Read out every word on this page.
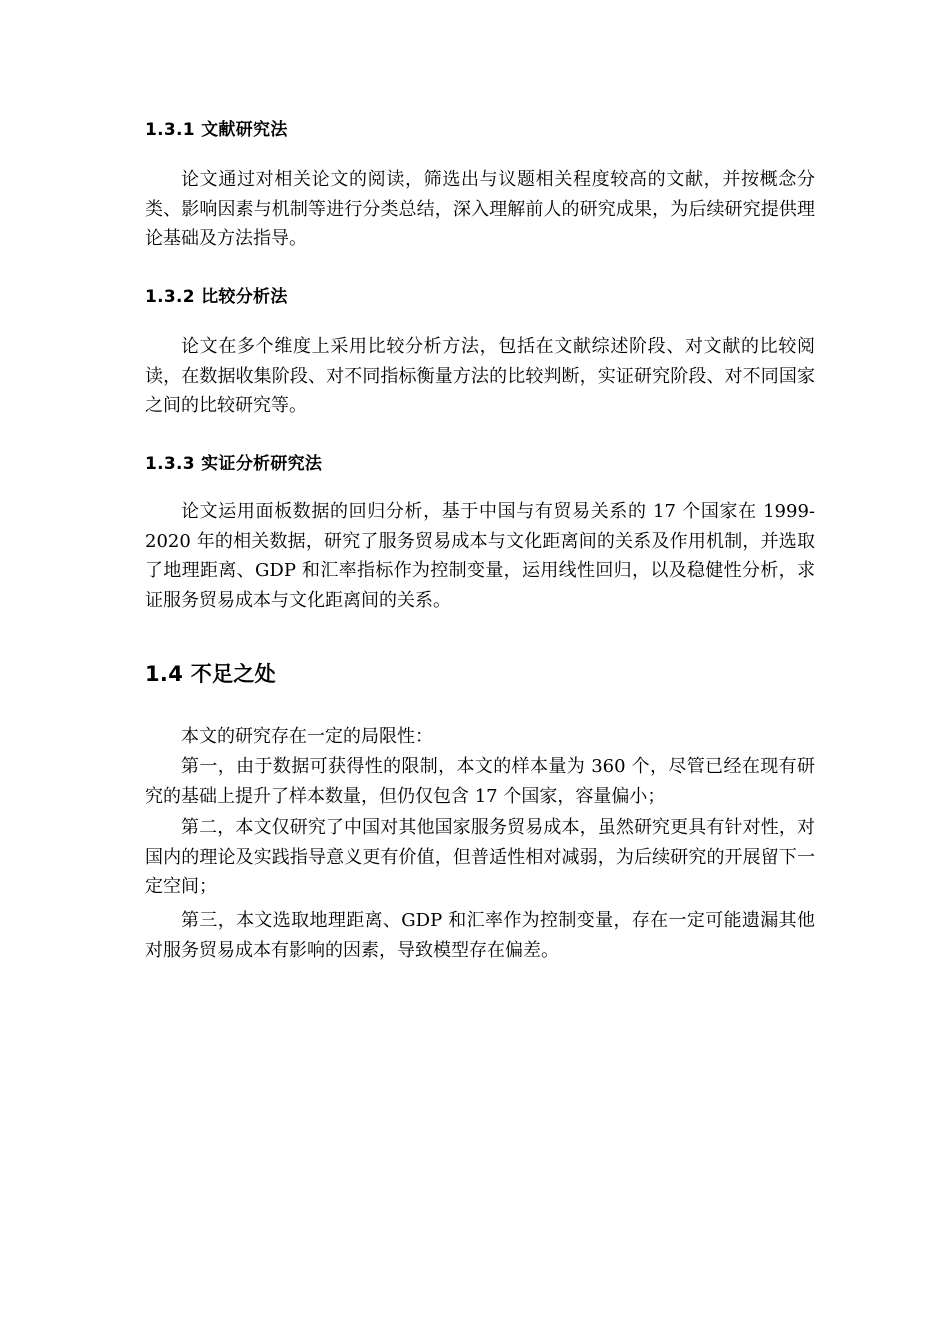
1.3.1 文献研究法

论文通过对相关论文的阅读，筛选出与议题相关程度较高的文献，并按概念分类、影响因素与机制等进行分类总结，深入理解前人的研究成果，为后续研究提供理论基础及方法指导。

1.3.2 比较分析法

论文在多个维度上采用比较分析方法，包括在文献综述阶段、对文献的比较阅读，在数据收集阶段、对不同指标衡量方法的比较判断，实证研究阶段、对不同国家之间的比较研究等。

1.3.3 实证分析研究法

论文运用面板数据的回归分析，基于中国与有贸易关系的 17 个国家在 1999-2020 年的相关数据，研究了服务贸易成本与文化距离间的关系及作用机制，并选取了地理距离、GDP 和汇率指标作为控制变量，运用线性回归，以及稳健性分析，求证服务贸易成本与文化距离间的关系。

1.4 不足之处

本文的研究存在一定的局限性：

第一，由于数据可获得性的限制，本文的样本量为 360 个，尽管已经在现有研究的基础上提升了样本数量，但仍仅包含 17 个国家，容量偏小；

第二，本文仅研究了中国对其他国家服务贸易成本，虽然研究更具有针对性，对国内的理论及实践指导意义更有价值，但普适性相对减弱，为后续研究的开展留下一定空间；

第三，本文选取地理距离、GDP 和汇率作为控制变量，存在一定可能遗漏其他对服务贸易成本有影响的因素，导致模型存在偏差。
